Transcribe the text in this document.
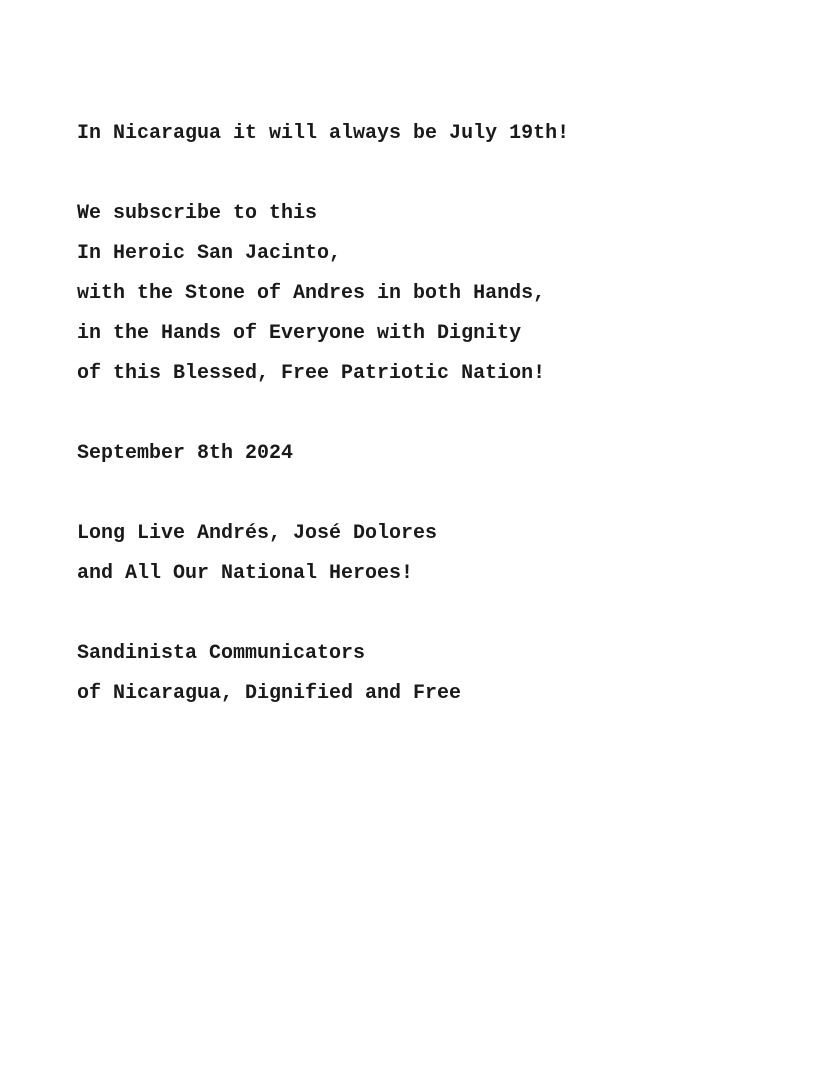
In Nicaragua it will always be July 19th!
We subscribe to this
In Heroic San Jacinto,
with the Stone of Andres in both Hands,
in the Hands of Everyone with Dignity
of this Blessed, Free Patriotic Nation!
September 8th 2024
Long Live Andrés, José Dolores
and All Our National Heroes!
Sandinista Communicators
of Nicaragua, Dignified and Free
